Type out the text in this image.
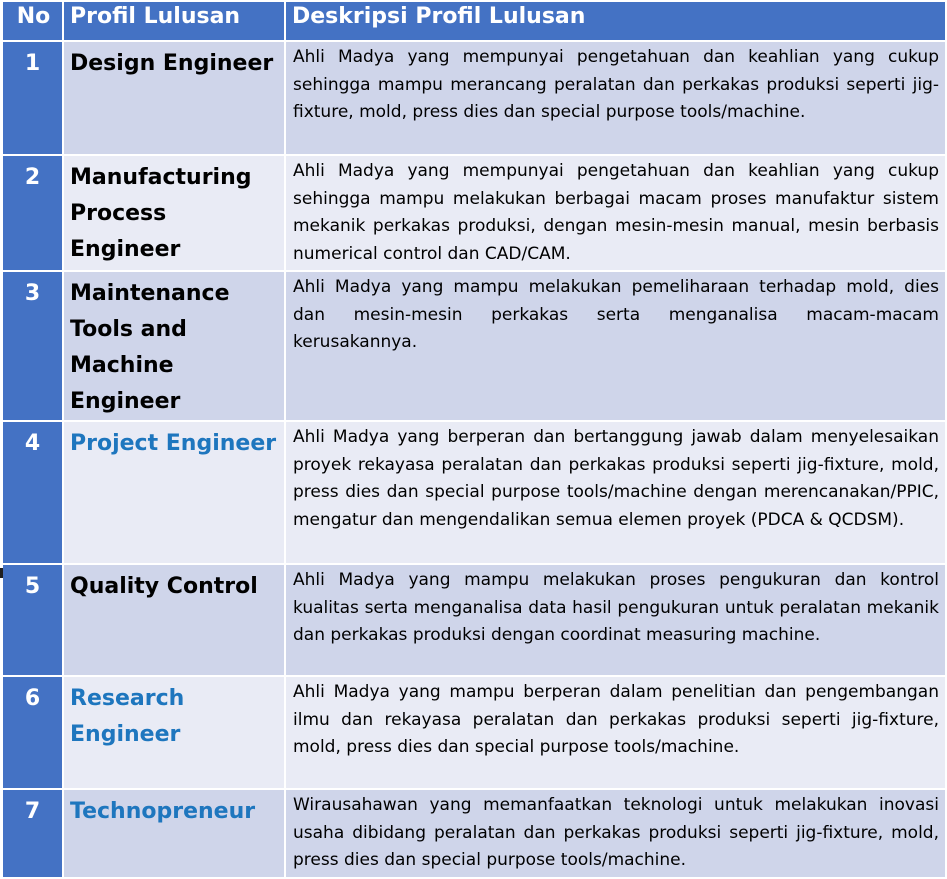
No	Profil Lulusan	Deskripsi Profil Lulusan
1	Design Engineer	Ahli Madya yang mempunyai pengetahuan dan keahlian yang cukup sehingga mampu merancang peralatan dan perkakas produksi seperti jig-fixture, mold, press dies dan special purpose tools/machine.
2	Manufacturing Process Engineer	Ahli Madya yang mempunyai pengetahuan dan keahlian yang cukup sehingga mampu melakukan berbagai macam proses manufaktur sistem mekanik perkakas produksi, dengan mesin-mesin manual, mesin berbasis numerical control dan CAD/CAM.
3	Maintenance Tools and Machine Engineer	Ahli Madya yang mampu melakukan pemeliharaan terhadap mold, dies dan mesin-mesin perkakas serta menganalisa macam-macam kerusakannya.
4	Project Engineer	Ahli Madya yang berperan dan bertanggung jawab dalam menyelesaikan proyek rekayasa peralatan dan perkakas produksi seperti jig-fixture, mold, press dies dan special purpose tools/machine dengan merencanakan/PPIC, mengatur dan mengendalikan semua elemen proyek (PDCA & QCDSM).
5	Quality Control	Ahli Madya yang mampu melakukan proses pengukuran dan kontrol kualitas serta menganalisa data hasil pengukuran untuk peralatan mekanik dan perkakas produksi dengan coordinat measuring machine.
6	Research Engineer	Ahli Madya yang mampu berperan dalam penelitian dan pengembangan ilmu dan rekayasa peralatan dan perkakas produksi seperti jig-fixture, mold, press dies dan special purpose tools/machine.
7	Technopreneur	Wirausahawan yang memanfaatkan teknologi untuk melakukan inovasi usaha dibidang peralatan dan perkakas produksi seperti jig-fixture, mold, press dies dan special purpose tools/machine.
